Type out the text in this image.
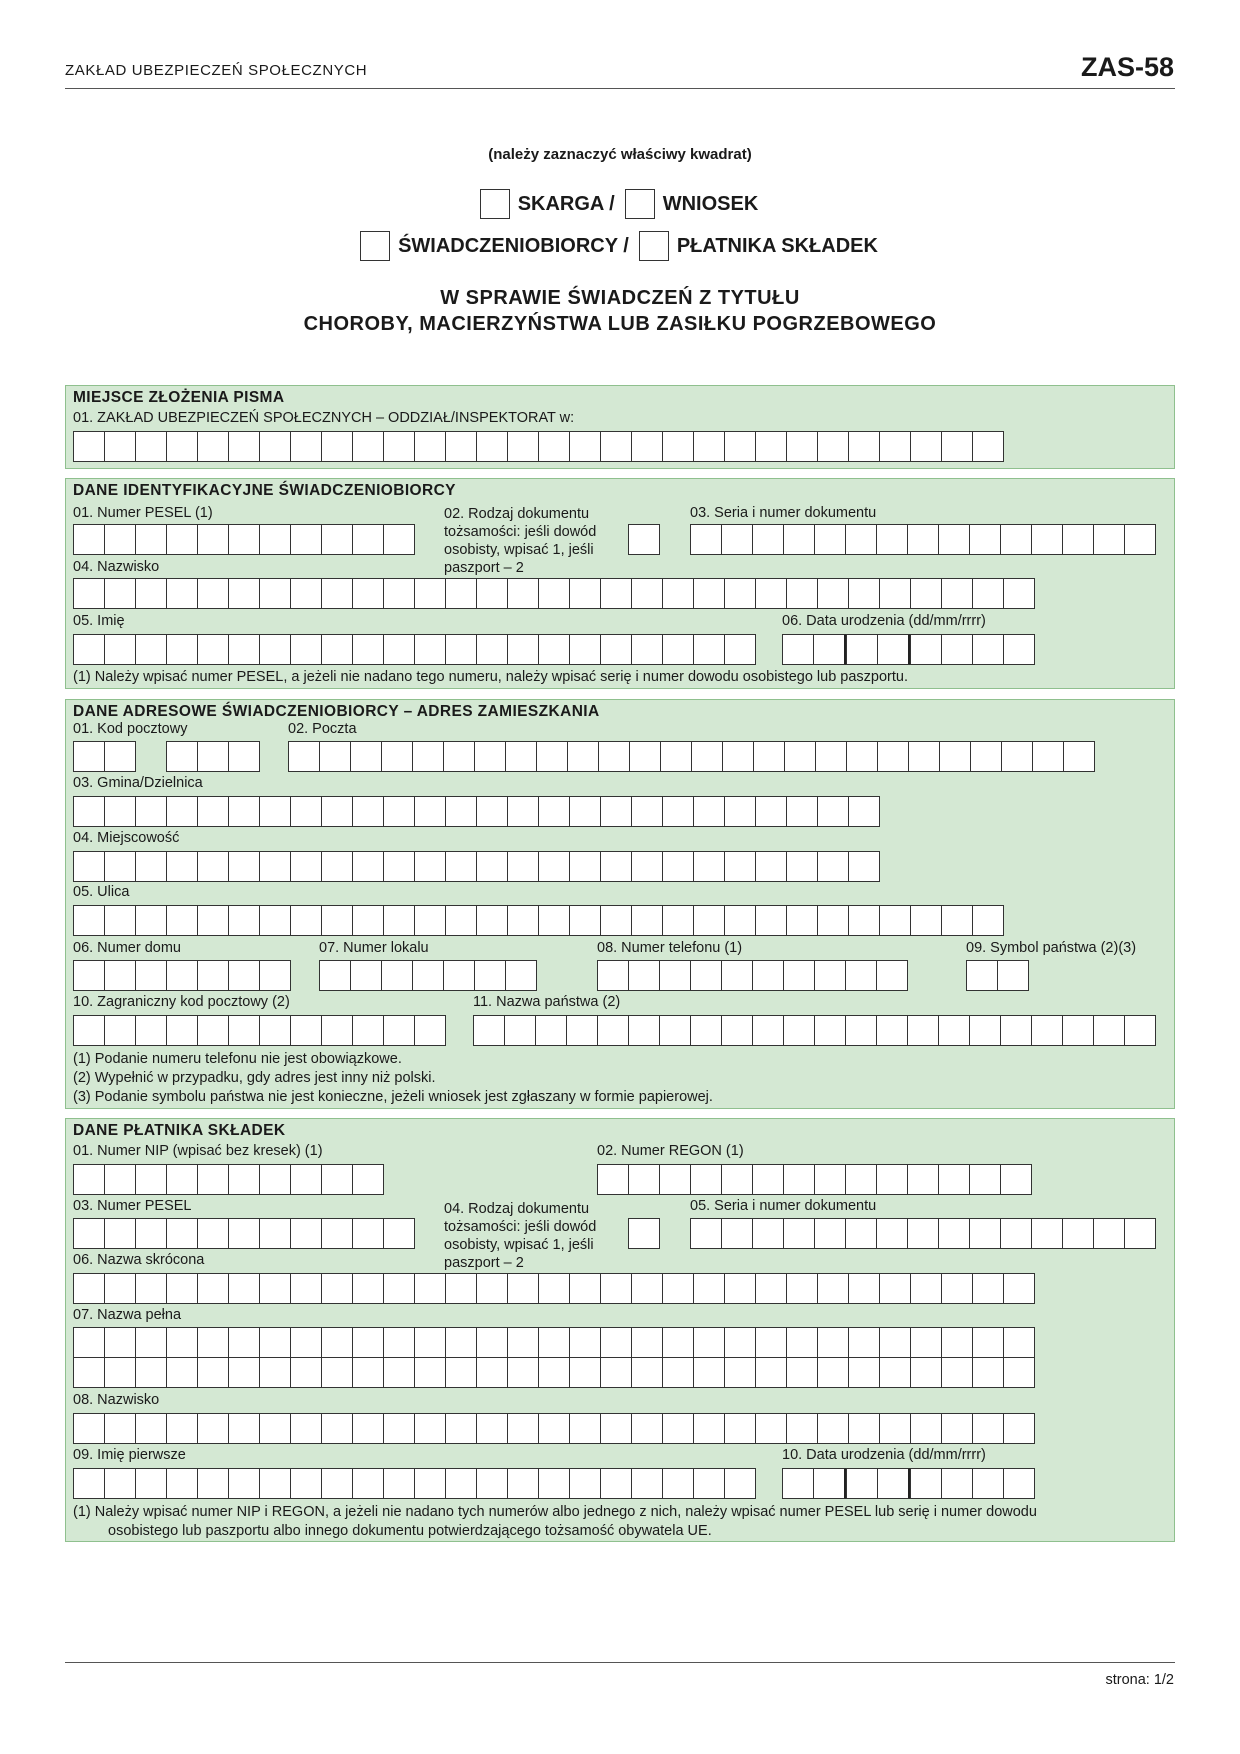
ZAKŁAD UBEZPIECZEŃ SPOŁECZNYCH	ZAS-58
(należy zaznaczyć właściwy kwadrat)
SKARGA / WNIOSEK
ŚWIADCZENIOBIORCY / PŁATNIKA SKŁADEK
W SPRAWIE ŚWIADCZEŃ Z TYTUŁU
CHOROBY, MACIERZYŃSTWA LUB ZASIŁKU POGRZEBOWEGO
MIEJSCE ZŁOŻENIA PISMA
01. ZAKŁAD UBEZPIECZEŃ SPOŁECZNYCH – ODDZIAŁ/INSPEKTORAT w:
DANE IDENTYFIKACYJNE ŚWIADCZENIOBIORCY
01. Numer PESEL (1)	02. Rodzaj dokumentu tożsamości: jeśli dowód osobisty, wpisać 1, jeśli paszport – 2
03. Seria i numer dokumentu
04. Nazwisko
05. Imię	06. Data urodzenia (dd/mm/rrrr)
(1) Należy wpisać numer PESEL, a jeżeli nie nadano tego numeru, należy wpisać serię i numer dowodu osobistego lub paszportu.
DANE ADRESOWE ŚWIADCZENIOBIORCY – ADRES ZAMIESZKANIA
01. Kod pocztowy	02. Poczta
03. Gmina/Dzielnica
04. Miejscowość
05. Ulica
06. Numer domu	07. Numer lokalu	08. Numer telefonu (1)	09. Symbol państwa (2)(3)
10. Zagraniczny kod pocztowy (2)	11. Nazwa państwa (2)
(1) Podanie numeru telefonu nie jest obowiązkowe.
(2) Wypełnić w przypadku, gdy adres jest inny niż polski.
(3) Podanie symbolu państwa nie jest konieczne, jeżeli wniosek jest zgłaszany w formie papierowej.
DANE PŁATNIKA SKŁADEK
01. Numer NIP (wpisać bez kresek) (1)	02. Numer REGON (1)
03. Numer PESEL	04. Rodzaj dokumentu tożsamości: jeśli dowód osobisty, wpisać 1, jeśli paszport – 2
05. Seria i numer dokumentu
06. Nazwa skrócona
07. Nazwa pełna
08. Nazwisko
09. Imię pierwsze	10. Data urodzenia (dd/mm/rrrr)
(1) Należy wpisać numer NIP i REGON, a jeżeli nie nadano tych numerów albo jednego z nich, należy wpisać numer PESEL lub serię i numer dowodu
osobistego lub paszportu albo innego dokumentu potwierdzającego tożsamość obywatela UE.
strona: 1/2
